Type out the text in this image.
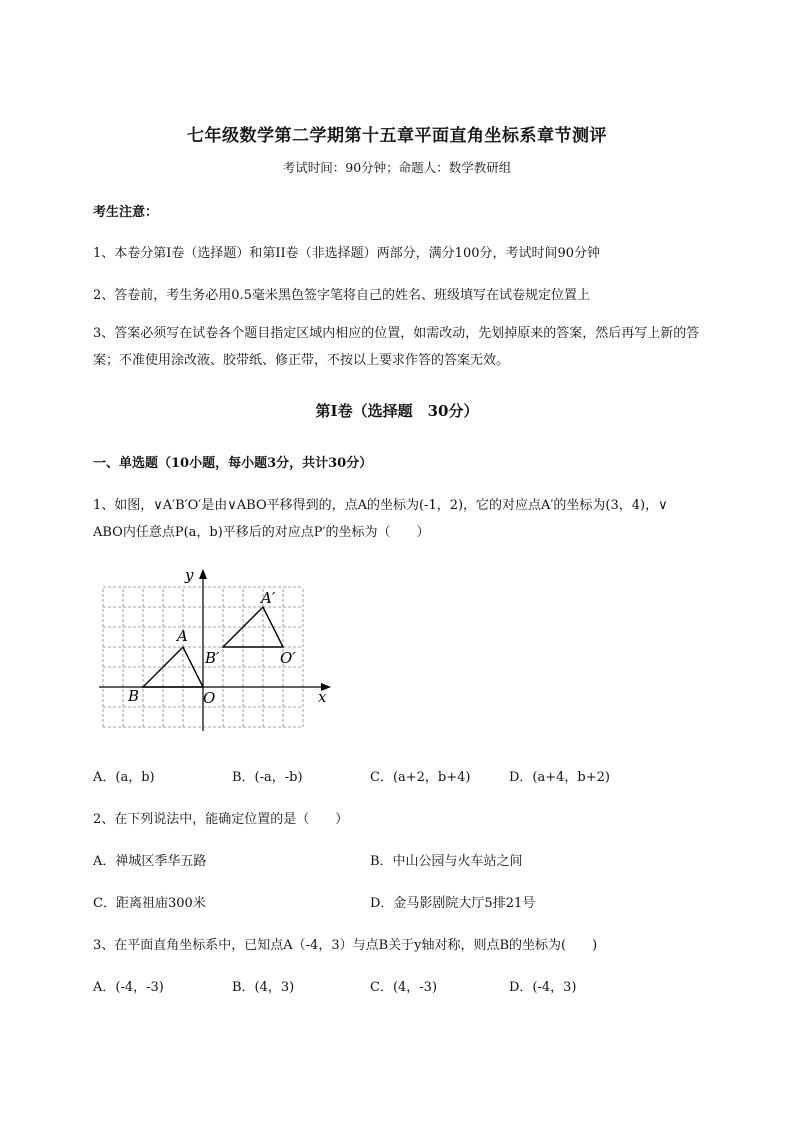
七年级数学第二学期第十五章平面直角坐标系章节测评
考试时间：90分钟；命题人：数学教研组
考生注意：
1、本卷分第I卷（选择题）和第II卷（非选择题）两部分，满分100分，考试时间90分钟
2、答卷前，考生务必用0.5毫米黑色签字笔将自己的姓名、班级填写在试卷规定位置上
3、答案必须写在试卷各个题目指定区域内相应的位置，如需改动，先划掉原来的答案，然后再写上新的答案；不准使用涂改液、胶带纸、修正带，不按以上要求作答的答案无效。
第I卷（选择题　30分）
一、单选题（10小题，每小题3分，共计30分）
1、如图，∨A′B′O′是由∨ABO平移得到的，点A的坐标为(-1，2)，它的对应点A′的坐标为(3，4)，∨
ABO内任意点P(a，b)平移后的对应点P′的坐标为（　　）
y
x
O
A
B
A′
B′	O′
A．(a，b)	B．(-a，-b)	C．(a+2，b+4)	D．(a+4，b+2)
2、在下列说法中，能确定位置的是（　　）
A．禅城区季华五路	B．中山公园与火车站之间
C．距离祖庙300米	D．金马影剧院大厅5排21号
3、在平面直角坐标系中，已知点A（-4，3）与点B关于y轴对称，则点B的坐标为(　　)
A．(-4，-3)	B．(4，3)	C．(4，-3)	D．(-4，3)
